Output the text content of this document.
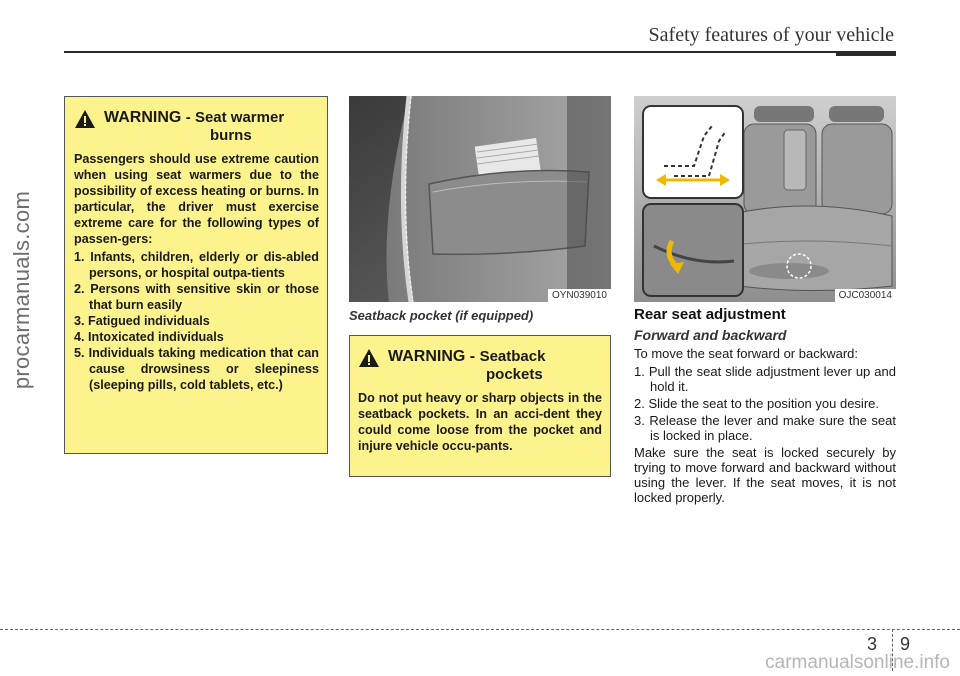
Safety features of your vehicle
procarmanuals.com
WARNING - Seat warmer
burns
Passengers should use extreme caution when using seat warmers due to the possibility of excess heating or burns. In particular, the driver must exercise extreme care for the following types of passen-gers:
1. Infants, children, elderly or dis-abled persons, or hospital outpa-tients
2. Persons with sensitive skin or those that burn easily
3. Fatigued individuals
4. Intoxicated individuals
5. Individuals taking medication that can cause drowsiness or sleepiness (sleeping pills, cold tablets, etc.)
OYN039010
Seatback pocket (if equipped)
WARNING - Seatback
pockets
Do not put heavy or sharp objects in the seatback pockets. In an acci-dent they could come loose from the pocket and injure vehicle occu-pants.
OJC030014
Rear seat adjustment
Forward and backward
To move the seat forward or backward:
1. Pull the seat slide adjustment lever up and hold it.
2. Slide the seat to the position you desire.
3. Release the lever and make sure the seat is locked in place.
Make sure the seat is locked securely by trying to move forward and backward without using the lever. If the seat moves, it is not locked properly.
3 9
carmanualsonline.info
